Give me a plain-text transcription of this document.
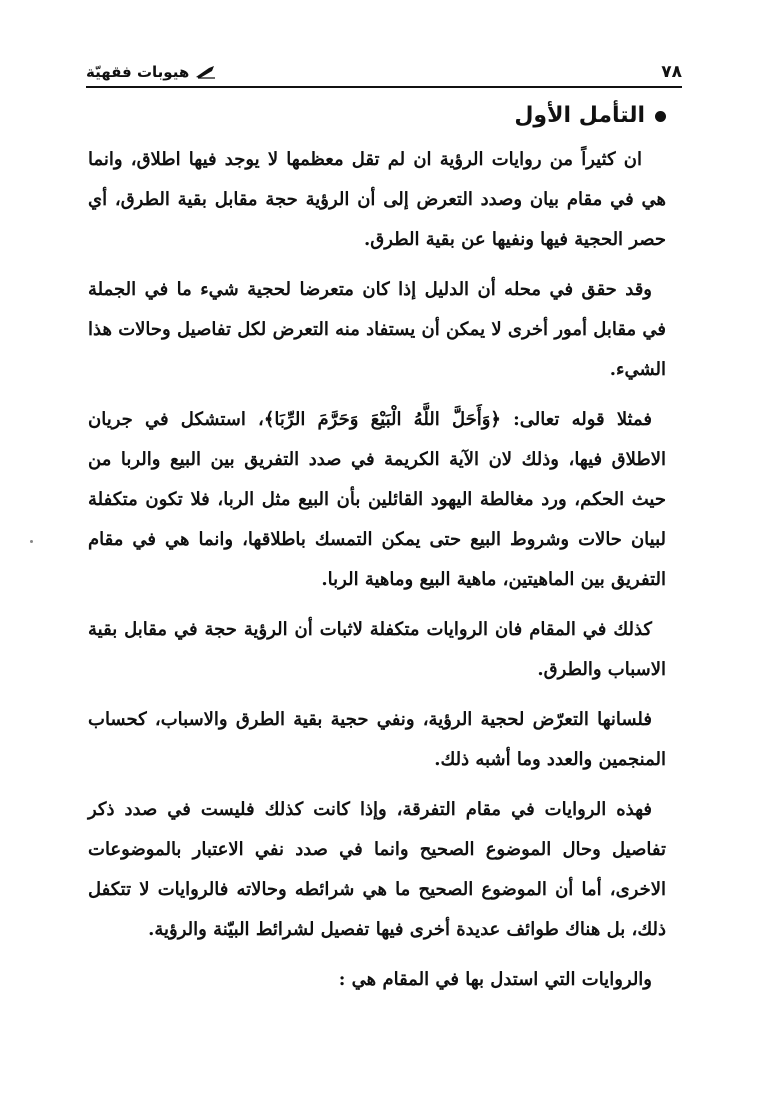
٧٨
هيوبات فقهيّة
التأمل الأول

ان كثيراً من روايات الرؤية ان لم تقل معظمها لا يوجد فيها اطلاق، وانما هي في مقام بيان وصدد التعرض إلى أن الرؤية حجة مقابل بقية الطرق، أي حصر الحجية فيها ونفيها عن بقية الطرق.

وقد حقق في محله أن الدليل إذا كان متعرضا لحجية شيء ما في الجملة في مقابل أمور أخرى لا يمكن أن يستفاد منه التعرض لكل تفاصيل وحالات هذا الشيء.

فمثلا قوله تعالى: ﴿وَأَحَلَّ اللَّهُ الْبَيْعَ وَحَرَّمَ الرِّبَا﴾، استشكل في جريان الاطلاق فيها، وذلك لان الآية الكريمة في صدد التفريق بين البيع والربا من حيث الحكم، ورد مغالطة اليهود القائلين بأن البيع مثل الربا، فلا تكون متكفلة لبيان حالات وشروط البيع حتى يمكن التمسك باطلاقها، وانما هي في مقام التفريق بين الماهيتين، ماهية البيع وماهية الربا.

كذلك في المقام فان الروايات متكفلة لاثبات أن الرؤية حجة في مقابل بقية الاسباب والطرق.

فلسانها التعرّض لحجية الرؤية، ونفي حجية بقية الطرق والاسباب، كحساب المنجمين والعدد وما أشبه ذلك.

فهذه الروايات في مقام التفرقة، وإذا كانت كذلك فليست في صدد ذكر تفاصيل وحال الموضوع الصحيح وانما في صدد نفي الاعتبار بالموضوعات الاخرى، أما أن الموضوع الصحيح ما هي شرائطه وحالاته فالروايات لا تتكفل ذلك، بل هناك طوائف عديدة أخرى فيها تفصيل لشرائط البيّنة والرؤية.

والروايات التي استدل بها في المقام هي :
